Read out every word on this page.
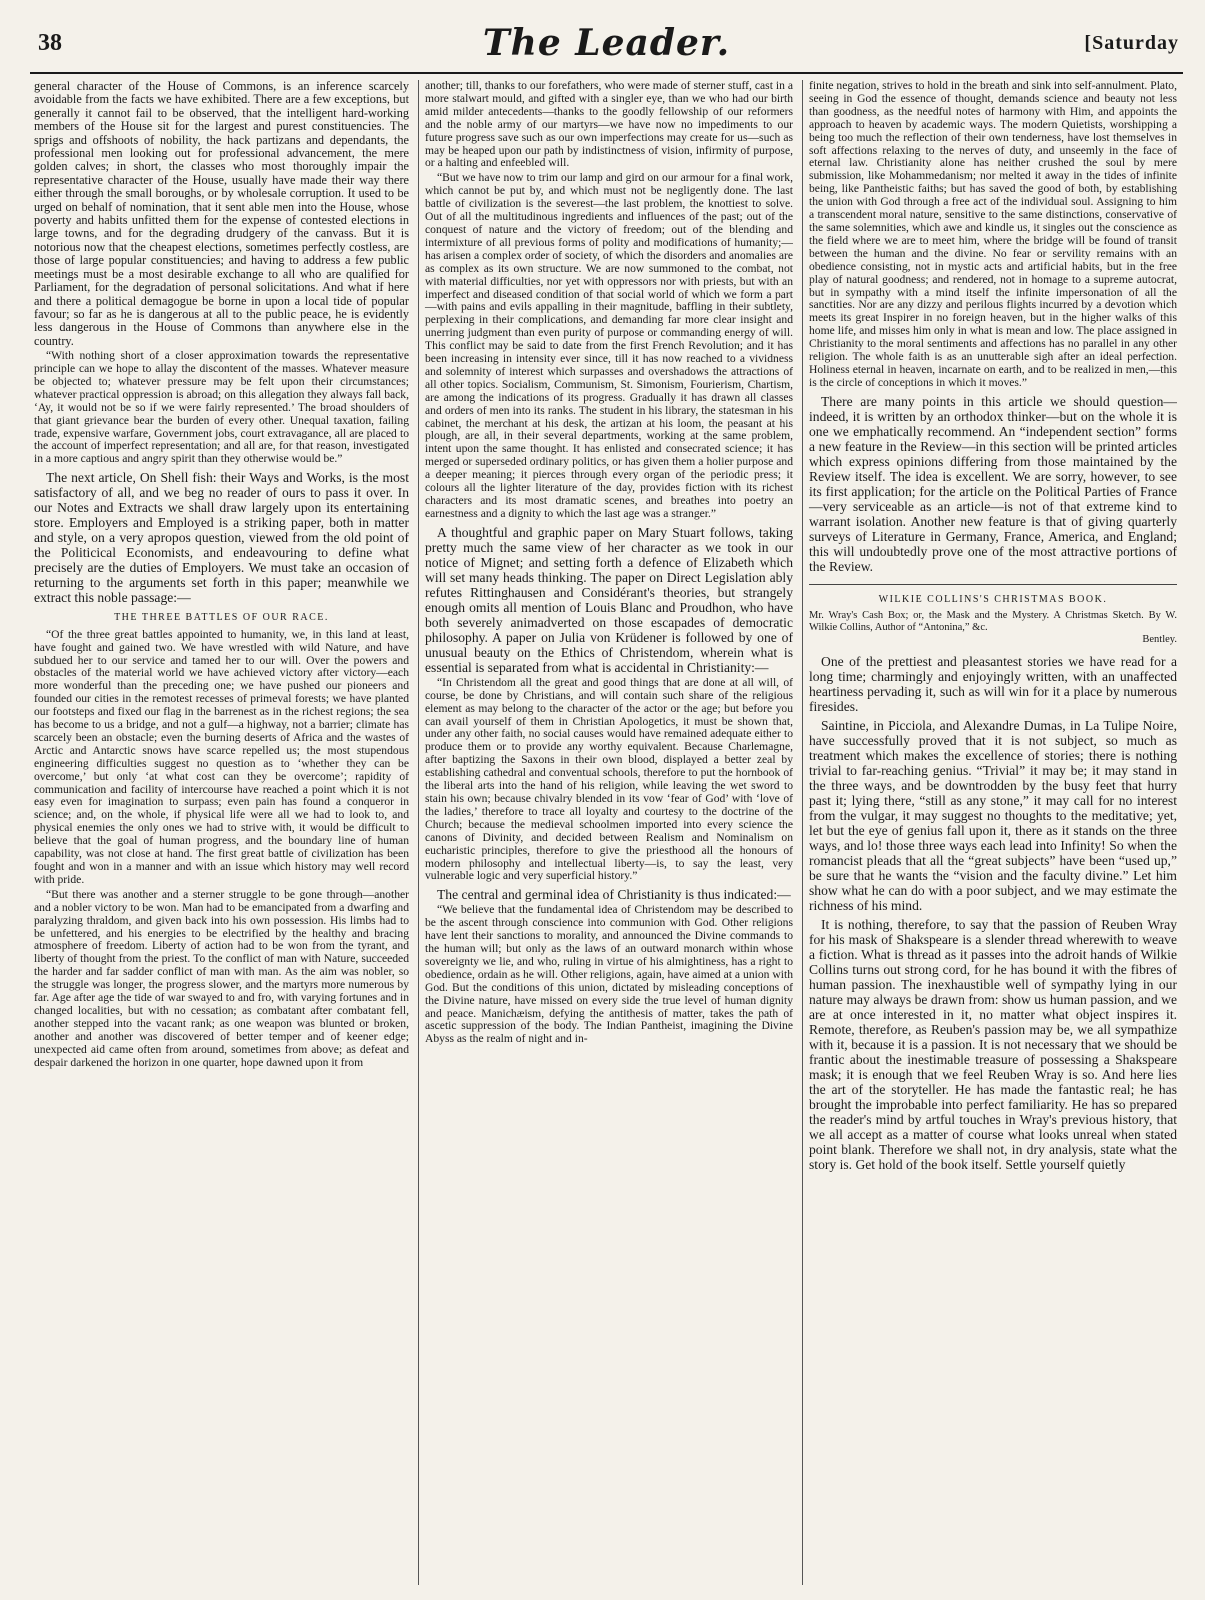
38	The Leader.	[Saturday

general character of the House of Commons, is an inference scarcely avoidable from the facts we have exhibited. There are a few exceptions, but generally it cannot fail to be observed, that the intelligent hard-working members of the House sit for the largest and purest constituencies. The sprigs and offshoots of nobility, the hack partizans and dependants, the professional men looking out for professional advancement, the mere golden calves; in short, the classes who most thoroughly impair the representative character of the House, usually have made their way there either through the small boroughs, or by wholesale corruption. It used to be urged on behalf of nomination, that it sent able men into the House, whose poverty and habits unfitted them for the expense of contested elections in large towns, and for the degrading drudgery of the canvass. But it is notorious now that the cheapest elections, sometimes perfectly costless, are those of large popular constituencies; and having to address a few public meetings must be a most desirable exchange to all who are qualified for Parliament, for the degradation of personal solicitations. And what if here and there a political demagogue be borne in upon a local tide of popular favour; so far as he is dangerous at all to the public peace, he is evidently less dangerous in the House of Commons than anywhere else in the country.

“With nothing short of a closer approximation towards the representative principle can we hope to allay the discontent of the masses. Whatever measure be objected to; whatever pressure may be felt upon their circumstances; whatever practical oppression is abroad; on this allegation they always fall back, ‘Ay, it would not be so if we were fairly represented.’ The broad shoulders of that giant grievance bear the burden of every other. Unequal taxation, failing trade, expensive warfare, Government jobs, court extravagance, all are placed to the account of imperfect representation; and all are, for that reason, investigated in a more captious and angry spirit than they otherwise would be.”

The next article, On Shell fish: their Ways and Works, is the most satisfactory of all, and we beg no reader of ours to pass it over. In our Notes and Extracts we shall draw largely upon its entertaining store. Employers and Employed is a striking paper, both in matter and style, on a very apropos question, viewed from the old point of the Politicical Economists, and endeavouring to define what precisely are the duties of Employers. We must take an occasion of returning to the arguments set forth in this paper; meanwhile we extract this noble passage:—

THE THREE BATTLES OF OUR RACE.

“Of the three great battles appointed to humanity, we, in this land at least, have fought and gained two. We have wrestled with wild Nature, and have subdued her to our service and tamed her to our will. Over the powers and obstacles of the material world we have achieved victory after victory—each more wonderful than the preceding one; we have pushed our pioneers and founded our cities in the remotest recesses of primeval forests; we have planted our footsteps and fixed our flag in the barrenest as in the richest regions; the sea has become to us a bridge, and not a gulf—a highway, not a barrier; climate has scarcely been an obstacle; even the burning deserts of Africa and the wastes of Arctic and Antarctic snows have scarce repelled us; the most stupendous engineering difficulties suggest no question as to ‘whether they can be overcome,’ but only ‘at what cost can they be overcome’; rapidity of communication and facility of intercourse have reached a point which it is not easy even for imagination to surpass; even pain has found a conqueror in science; and, on the whole, if physical life were all we had to look to, and physical enemies the only ones we had to strive with, it would be difficult to believe that the goal of human progress, and the boundary line of human capability, was not close at hand. The first great battle of civilization has been fought and won in a manner and with an issue which history may well record with pride.

“But there was another and a sterner struggle to be gone through—another and a nobler victory to be won. Man had to be emancipated from a dwarfing and paralyzing thraldom, and given back into his own possession. His limbs had to be unfettered, and his energies to be electrified by the healthy and bracing atmosphere of freedom. Liberty of action had to be won from the tyrant, and liberty of thought from the priest. To the conflict of man with Nature, succeeded the harder and far sadder conflict of man with man. As the aim was nobler, so the struggle was longer, the progress slower, and the martyrs more numerous by far. Age after age the tide of war swayed to and fro, with varying fortunes and in changed localities, but with no cessation; as combatant after combatant fell, another stepped into the vacant rank; as one weapon was blunted or broken, another and another was discovered of better temper and of keener edge; unexpected aid came often from around, sometimes from above; as defeat and despair darkened the horizon in one quarter, hope dawned upon it from

another; till, thanks to our forefathers, who were made of sterner stuff, cast in a more stalwart mould, and gifted with a singler eye, than we who had our birth amid milder antecedents—thanks to the goodly fellowship of our reformers and the noble army of our martyrs—we have now no impediments to our future progress save such as our own imperfections may create for us—such as may be heaped upon our path by indistinctness of vision, infirmity of purpose, or a halting and enfeebled will.

“But we have now to trim our lamp and gird on our armour for a final work, which cannot be put by, and which must not be negligently done. The last battle of civilization is the severest—the last problem, the knottiest to solve. Out of all the multitudinous ingredients and influences of the past; out of the conquest of nature and the victory of freedom; out of the blending and intermixture of all previous forms of polity and modifications of humanity;—has arisen a complex order of society, of which the disorders and anomalies are as complex as its own structure. We are now summoned to the combat, not with material difficulties, nor yet with oppressors nor with priests, but with an imperfect and diseased condition of that social world of which we form a part—with pains and evils appalling in their magnitude, baffling in their subtlety, perplexing in their complications, and demanding far more clear insight and unerring judgment than even purity of purpose or commanding energy of will. This conflict may be said to date from the first French Revolution; and it has been increasing in intensity ever since, till it has now reached to a vividness and solemnity of interest which surpasses and overshadows the attractions of all other topics. Socialism, Communism, St. Simonism, Fourierism, Chartism, are among the indications of its progress. Gradually it has drawn all classes and orders of men into its ranks. The student in his library, the statesman in his cabinet, the merchant at his desk, the artizan at his loom, the peasant at his plough, are all, in their several departments, working at the same problem, intent upon the same thought. It has enlisted and consecrated science; it has merged or superseded ordinary politics, or has given them a holier purpose and a deeper meaning; it pierces through every organ of the periodic press; it colours all the lighter literature of the day, provides fiction with its richest characters and its most dramatic scenes, and breathes into poetry an earnestness and a dignity to which the last age was a stranger.”

A thoughtful and graphic paper on Mary Stuart follows, taking pretty much the same view of her character as we took in our notice of Mignet; and setting forth a defence of Elizabeth which will set many heads thinking. The paper on Direct Legislation ably refutes Rittinghausen and Considérant's theories, but strangely enough omits all mention of Louis Blanc and Proudhon, who have both severely animadverted on those escapades of democratic philosophy. A paper on Julia von Krüdener is followed by one of unusual beauty on the Ethics of Christendom, wherein what is essential is separated from what is accidental in Christianity:—

“In Christendom all the great and good things that are done at all will, of course, be done by Christians, and will contain such share of the religious element as may belong to the character of the actor or the age; but before you can avail yourself of them in Christian Apologetics, it must be shown that, under any other faith, no social causes would have remained adequate either to produce them or to provide any worthy equivalent. Because Charlemagne, after baptizing the Saxons in their own blood, displayed a better zeal by establishing cathedral and conventual schools, therefore to put the hornbook of the liberal arts into the hand of his religion, while leaving the wet sword to stain his own; because chivalry blended in its vow ‘fear of God’ with ‘love of the ladies,’ therefore to trace all loyalty and courtesy to the doctrine of the Church; because the medieval schoolmen imported into every science the canons of Divinity, and decided between Realism and Nominalism on eucharistic principles, therefore to give the priesthood all the honours of modern philosophy and intellectual liberty—is, to say the least, very vulnerable logic and very superficial history.”

The central and germinal idea of Christianity is thus indicated:—

“We believe that the fundamental idea of Christendom may be described to be the ascent through conscience into communion with God. Other religions have lent their sanctions to morality, and announced the Divine commands to the human will; but only as the laws of an outward monarch within whose sovereignty we lie, and who, ruling in virtue of his almightiness, has a right to obedience, ordain as he will. Other religions, again, have aimed at a union with God. But the conditions of this union, dictated by misleading conceptions of the Divine nature, have missed on every side the true level of human dignity and peace. Manichæism, defying the antithesis of matter, takes the path of ascetic suppression of the body. The Indian Pantheist, imagining the Divine Abyss as the realm of night and in-

finite negation, strives to hold in the breath and sink into self-annulment. Plato, seeing in God the essence of thought, demands science and beauty not less than goodness, as the needful notes of harmony with Him, and appoints the approach to heaven by academic ways. The modern Quietists, worshipping a being too much the reflection of their own tenderness, have lost themselves in soft affections relaxing to the nerves of duty, and unseemly in the face of eternal law. Christianity alone has neither crushed the soul by mere submission, like Mohammedanism; nor melted it away in the tides of infinite being, like Pantheistic faiths; but has saved the good of both, by establishing the union with God through a free act of the individual soul. Assigning to him a transcendent moral nature, sensitive to the same distinctions, conservative of the same solemnities, which awe and kindle us, it singles out the conscience as the field where we are to meet him, where the bridge will be found of transit between the human and the divine. No fear or servility remains with an obedience consisting, not in mystic acts and artificial habits, but in the free play of natural goodness; and rendered, not in homage to a supreme autocrat, but in sympathy with a mind itself the infinite impersonation of all the sanctities. Nor are any dizzy and perilous flights incurred by a devotion which meets its great Inspirer in no foreign heaven, but in the higher walks of this home life, and misses him only in what is mean and low. The place assigned in Christianity to the moral sentiments and affections has no parallel in any other religion. The whole faith is as an unutterable sigh after an ideal perfection. Holiness eternal in heaven, incarnate on earth, and to be realized in men,—this is the circle of conceptions in which it moves.”

There are many points in this article we should question—indeed, it is written by an orthodox thinker—but on the whole it is one we emphatically recommend. An “independent section” forms a new feature in the Review—in this section will be printed articles which express opinions differing from those maintained by the Review itself. The idea is excellent. We are sorry, however, to see its first application; for the article on the Political Parties of France—very serviceable as an article—is not of that extreme kind to warrant isolation. Another new feature is that of giving quarterly surveys of Literature in Germany, France, America, and England; this will undoubtedly prove one of the most attractive portions of the Review.

WILKIE COLLINS'S CHRISTMAS BOOK.
Mr. Wray's Cash Box; or, the Mask and the Mystery. A Christmas Sketch. By W. Wilkie Collins, Author of “Antonina,” &c.
Bentley.

One of the prettiest and pleasantest stories we have read for a long time; charmingly and enjoyingly written, with an unaffected heartiness pervading it, such as will win for it a place by numerous firesides.

Saintine, in Picciola, and Alexandre Dumas, in La Tulipe Noire, have successfully proved that it is not subject, so much as treatment which makes the excellence of stories; there is nothing trivial to far-reaching genius. “Trivial” it may be; it may stand in the three ways, and be downtrodden by the busy feet that hurry past it; lying there, “still as any stone,” it may call for no interest from the vulgar, it may suggest no thoughts to the meditative; yet, let but the eye of genius fall upon it, there as it stands on the three ways, and lo! those three ways each lead into Infinity! So when the romancist pleads that all the “great subjects” have been “used up,” be sure that he wants the “vision and the faculty divine.” Let him show what he can do with a poor subject, and we may estimate the richness of his mind.

It is nothing, therefore, to say that the passion of Reuben Wray for his mask of Shakspeare is a slender thread wherewith to weave a fiction. What is thread as it passes into the adroit hands of Wilkie Collins turns out strong cord, for he has bound it with the fibres of human passion. The inexhaustible well of sympathy lying in our nature may always be drawn from: show us human passion, and we are at once interested in it, no matter what object inspires it. Remote, therefore, as Reuben's passion may be, we all sympathize with it, because it is a passion. It is not necessary that we should be frantic about the inestimable treasure of possessing a Shakspeare mask; it is enough that we feel Reuben Wray is so. And here lies the art of the storyteller. He has made the fantastic real; he has brought the improbable into perfect familiarity. He has so prepared the reader's mind by artful touches in Wray's previous history, that we all accept as a matter of course what looks unreal when stated point blank. Therefore we shall not, in dry analysis, state what the story is. Get hold of the book itself. Settle yourself quietly
